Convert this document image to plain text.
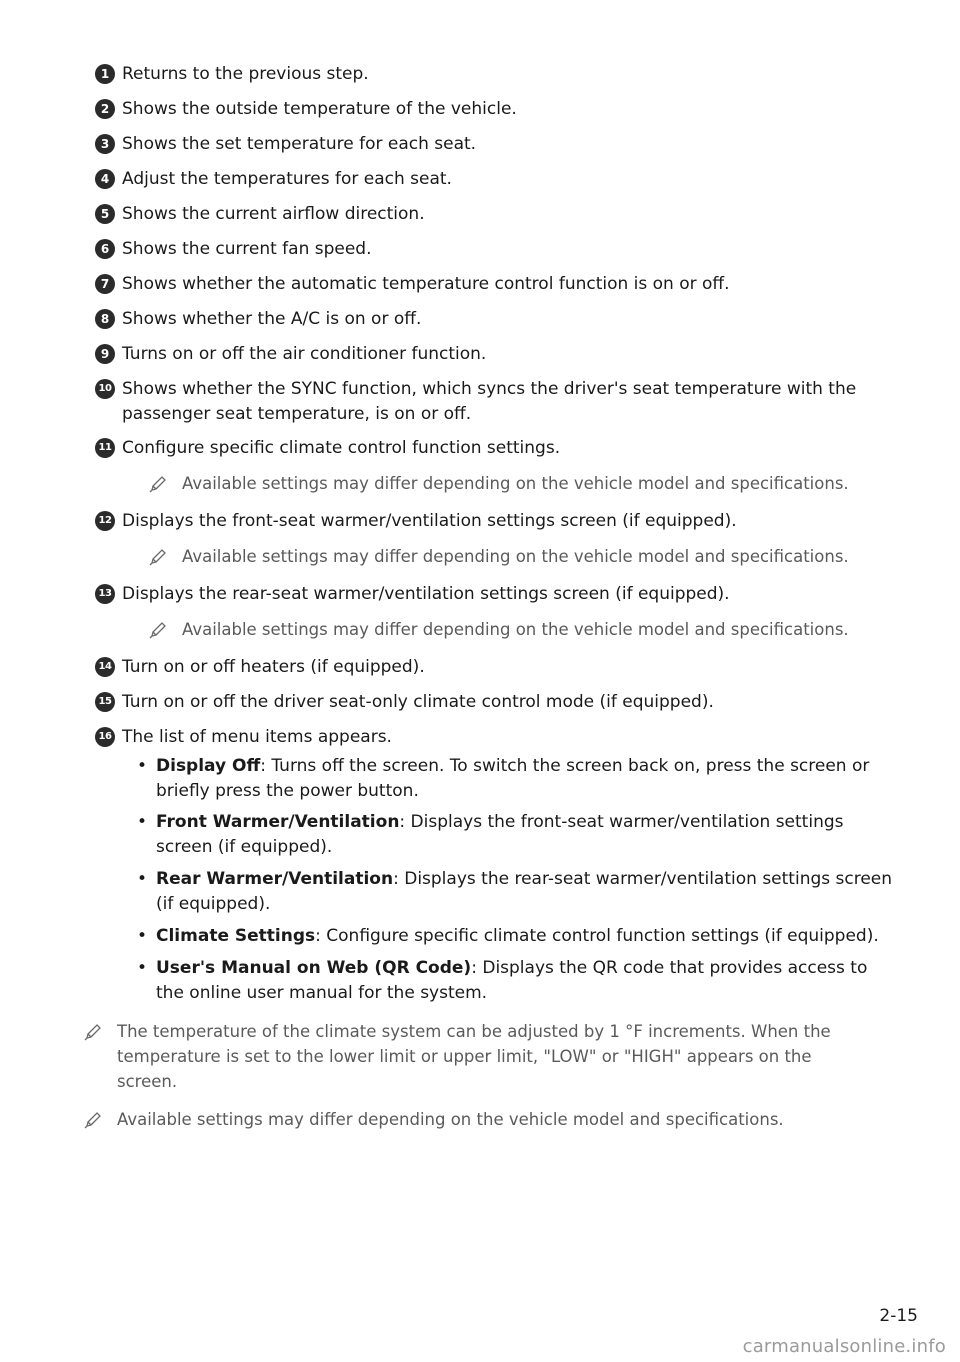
1 Returns to the previous step.
2 Shows the outside temperature of the vehicle.
3 Shows the set temperature for each seat.
4 Adjust the temperatures for each seat.
5 Shows the current airflow direction.
6 Shows the current fan speed.
7 Shows whether the automatic temperature control function is on or off.
8 Shows whether the A/C is on or off.
9 Turns on or off the air conditioner function.
10 Shows whether the SYNC function, which syncs the driver's seat temperature with the passenger seat temperature, is on or off.
11 Configure specific climate control function settings.
Available settings may differ depending on the vehicle model and specifications.
12 Displays the front-seat warmer/ventilation settings screen (if equipped).
Available settings may differ depending on the vehicle model and specifications.
13 Displays the rear-seat warmer/ventilation settings screen (if equipped).
Available settings may differ depending on the vehicle model and specifications.
14 Turn on or off heaters (if equipped).
15 Turn on or off the driver seat-only climate control mode (if equipped).
16 The list of menu items appears.
• Display Off: Turns off the screen. To switch the screen back on, press the screen or briefly press the power button.
• Front Warmer/Ventilation: Displays the front-seat warmer/ventilation settings screen (if equipped).
• Rear Warmer/Ventilation: Displays the rear-seat warmer/ventilation settings screen (if equipped).
• Climate Settings: Configure specific climate control function settings (if equipped).
• User's Manual on Web (QR Code): Displays the QR code that provides access to the online user manual for the system.
The temperature of the climate system can be adjusted by 1 °F increments. When the temperature is set to the lower limit or upper limit, "LOW" or "HIGH" appears on the screen.
Available settings may differ depending on the vehicle model and specifications.
2-15
carmanualsonline.info
